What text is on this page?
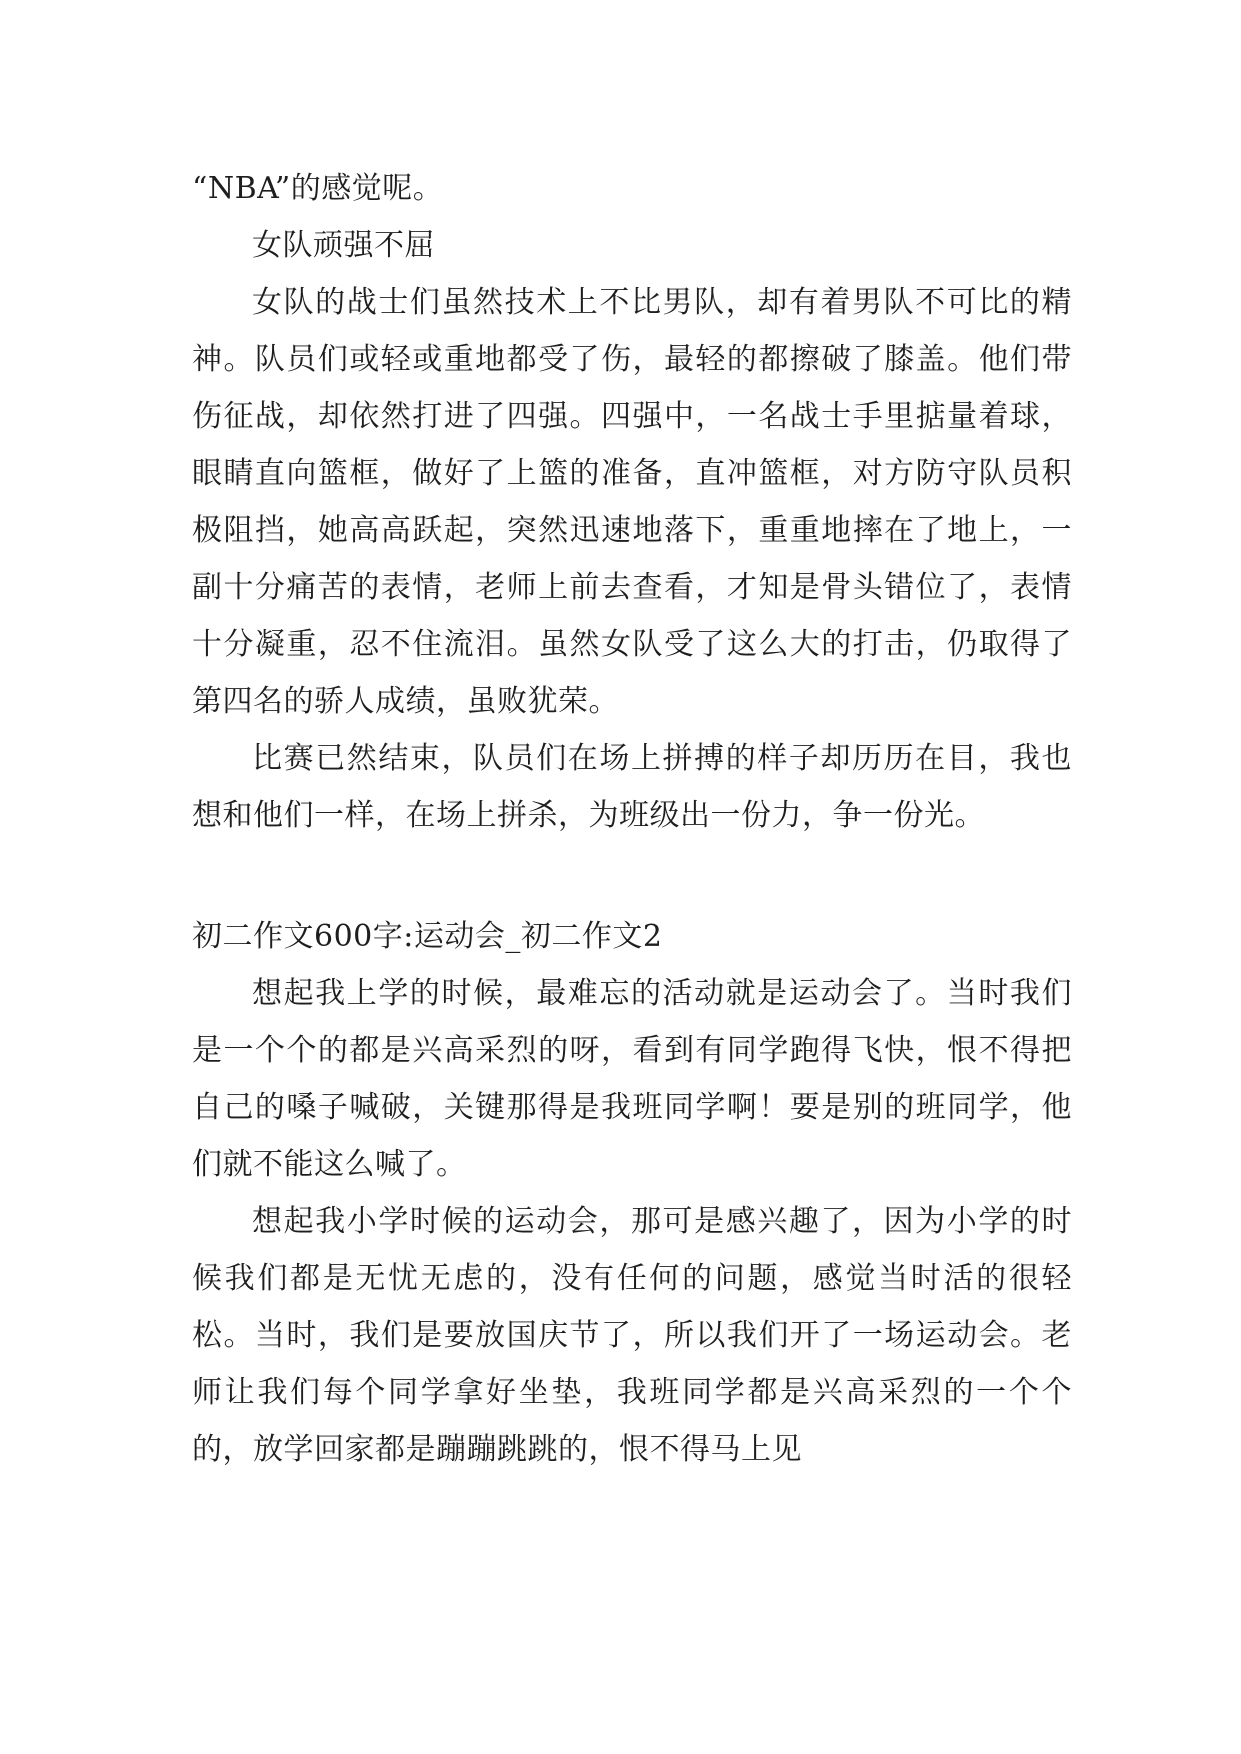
“NBA”的感觉呢。

女队顽强不屈

女队的战士们虽然技术上不比男队，却有着男队不可比的精神。队员们或轻或重地都受了伤，最轻的都擦破了膝盖。他们带伤征战，却依然打进了四强。四强中，一名战士手里掂量着球，眼睛直向篮框，做好了上篮的准备，直冲篮框，对方防守队员积极阻挡，她高高跃起，突然迅速地落下，重重地摔在了地上，一副十分痛苦的表情，老师上前去查看，才知是骨头错位了，表情十分凝重，忍不住流泪。虽然女队受了这么大的打击，仍取得了第四名的骄人成绩，虽败犹荣。

比赛已然结束，队员们在场上拼搏的样子却历历在目，我也想和他们一样，在场上拼杀，为班级出一份力，争一份光。

初二作文600字:运动会_初二作文2

想起我上学的时候，最难忘的活动就是运动会了。当时我们是一个个的都是兴高采烈的呀，看到有同学跑得飞快，恨不得把自己的嗓子喊破，关键那得是我班同学啊！要是别的班同学，他们就不能这么喊了。

想起我小学时候的运动会，那可是感兴趣了，因为小学的时候我们都是无忧无虑的，没有任何的问题，感觉当时活的很轻松。当时，我们是要放国庆节了，所以我们开了一场运动会。老师让我们每个同学拿好坐垫，我班同学都是兴高采烈的一个个的，放学回家都是蹦蹦跳跳的，恨不得马上见
